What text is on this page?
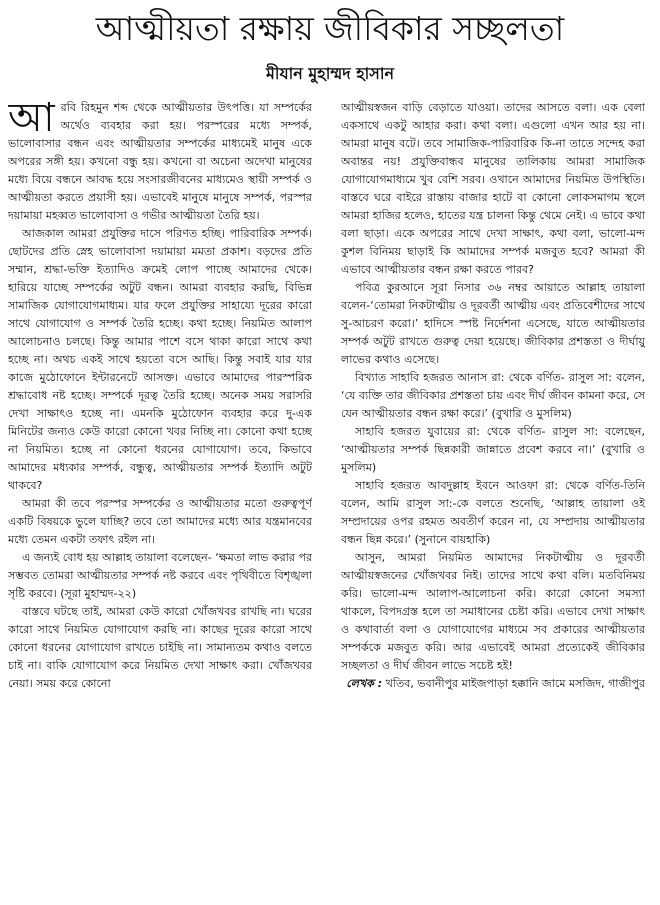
আত্মীয়তা রক্ষায় জীবিকার সচ্ছলতা
মীযান মুহাম্মদ হাসান

আরবি রিহমুন শব্দ থেকে আত্মীয়তার উৎপত্তি। যা সম্পর্কের অর্থেও ব্যবহার করা হয়। পরস্পরের মধ্যে সম্পর্ক, ভালোবাসার বন্ধন এবং আত্মীয়তার সম্পর্কের মাধ্যমেই মানুষ একে অপরের সঙ্গী হয়। কখনো বন্ধু হয়। কখনো বা অচেনা অদেখা মানুষের মধ্যে বিয়ে বন্ধনে আবদ্ধ হয়ে সংসারজীবনের মাধ্যমেও স্থায়ী সম্পর্ক ও আত্মীয়তা করতে প্রয়াসী হয়। এভাবেই মানুষে মানুষে সম্পর্ক, পরস্পর দয়ামায়া মহব্বত ভালোবাসা ও গভীর আত্মীয়তা তৈরি হয়।

আজকাল আমরা প্রযুক্তির দাসে পরিণত হচ্ছি। পারিবারিক সম্পর্ক। ছোটদের প্রতি স্নেহ ভালোবাসা দয়ামায়া মমতা প্রকাশ। বড়দের প্রতি সম্মান, শ্রদ্ধা-ভক্তি ইত্যাদিও ক্রমেই লোপ পাচ্ছে আমাদের থেকে। হারিয়ে যাচ্ছে সম্পর্কের অটুট বন্ধন। আমরা ব্যবহার করছি, বিভিন্ন সামাজিক যোগাযোগমাধ্যম। যার ফলে প্রযুক্তির সাহায্যে দূরের কারো সাথে যোগাযোগ ও সম্পর্ক তৈরি হচ্ছে। কথা হচ্ছে। নিয়মিত আলাপ আলোচনাও চলছে। কিন্তু আমার পাশে বসে থাকা কারো সাথে কথা হচ্ছে না। অথচ একই সাথে হয়তো বসে আছি। কিন্তু সবাই যার যার কাজে মুঠোফোনে ইন্টারনেটে আসক্ত। এভাবে আমাদের পারস্পরিক শ্রদ্ধাবোধ নষ্ট হচ্ছে। সম্পর্কে দূরত্ব তৈরি হচ্ছে। অনেক সময় সরাসরি দেখা সাক্ষাৎও হচ্ছে না। এমনকি মুঠোফোন ব্যবহার করে দু-এক মিনিটের জন্যও কেউ কারো কোনো খবর নিচ্ছি না। কোনো কথা হচ্ছে না নিয়মিত। হচ্ছে না কোনো ধরনের যোগাযোগ। তবে, কিভাবে আমাদের মধ্যকার সম্পর্ক, বন্ধুত্ব, আত্মীয়তার সম্পর্ক ইত্যাদি অটুট থাকবে?

আমরা কী তবে পরস্পর সম্পর্কের ও আত্মীয়তার মতো গুরুত্বপূর্ণ একটি বিষয়কে ভুলে যাচ্ছি? তবে তো আমাদের মধ্যে আর যন্ত্রমানবের মধ্যে তেমন একটা তফাৎ রইল না।

এ জন্যই বোধ হয় আল্লাহ তায়ালা বলেছেন- ‘ক্ষমতা লাভ করার পর সম্ভবত তোমরা আত্মীয়তার সম্পর্ক নষ্ট করবে এবং পৃথিবীতে বিশৃঙ্খলা সৃষ্টি করবে। (সূরা মুহাম্মদ-২২)

বাস্তবে ঘটছে তাই, আমরা কেউ কারো খোঁজখবর রাখছি না। ঘরের কারো সাথে নিয়মিত যোগাযোগ করছি না। কাছের দূরের কারো সাথে কোনো ধরনের যোগাযোগ রাখতে চাইছি না। সামান্যতম কথাও বলতে চাই না। বাকি যোগাযোগ করে নিয়মিত দেখা সাক্ষাৎ করা। খোঁজখবর নেয়া। সময় করে কোনো

আত্মীয়স্বজন বাড়ি বেড়াতে যাওয়া। তাদের আসতে বলা। এক বেলা একসাথে একটু আহার করা। কথা বলা। এগুলো এখন আর হয় না। আমরা মানুষ বটে। তবে সামাজিক-পারিবারিক কি-না তাতে সন্দেহ করা অবান্তর নয়! প্রযুক্তিবান্ধব মানুষের তালিকায় আমরা সামাজিক যোগাযোগমাধ্যমে খুব বেশি সরব। ওখানে আমাদের নিয়মিত উপস্থিতি। বাস্তবে ঘরে বাইরে রাস্তায় বাজার হাটে বা কোনো লোকসমাগম স্থলে আমরা হাজির হলেও, হাতের যন্ত্র চালনা কিন্তু থেমে নেই। এ ভাবে কথা বলা ছাড়া। একে অপরের সাথে দেখা সাক্ষাৎ, কথা বলা, ভালো-মন্দ কুশল বিনিময় ছাড়াই কি আমাদের সম্পর্ক মজবুত হবে? আমরা কী এভাবে আত্মীয়তার বন্ধন রক্ষা করতে পারব?

পবিত্র কুরআনে সূরা নিসার ৩৬ নম্বর আয়াতে আল্লাহ তায়ালা বলেন-‘তোমরা নিকটাত্মীয় ও দূরবর্তী আত্মীয় এবং প্রতিবেশীদের সাথে সু-আচরণ করো।’ হাদিসে স্পষ্ট নির্দেশনা এসেছে, যাতে আত্মীয়তার সম্পর্ক অটুট রাখতে গুরুত্ব দেয়া হয়েছে। জীবিকার প্রশস্ততা ও দীর্ঘায়ু লাভের কথাও এসেছে।

বিখ্যাত সাহাবি হজরত আনাস রা: থেকে বর্ণিত- রাসুল সা: বলেন, ‘যে ব্যক্তি তার জীবিকার প্রশস্ততা চায় এবং দীর্ঘ জীবন কামনা করে, সে যেন আত্মীয়তার বন্ধন রক্ষা করে।’ (বুখারি ও মুসলিম)

সাহাবি হজরত যুবায়ের রা: থেকে বর্ণিত- রাসুল সা: বলেছেন, ‘আত্মীয়তার সম্পর্ক ছিন্নকারী জান্নাতে প্রবেশ করবে না।’ (বুখারি ও মুসলিম)

সাহাবি হজরত আবদুল্লাহ ইবনে আওফা রা: থেকে বর্ণিত-তিনি বলেন, আমি রাসুল সা:-কে বলতে শুনেছি, ‘আল্লাহ তায়ালা ওই সম্প্রদায়ের ওপর রহমত অবতীর্ণ করেন না, যে সম্প্রদায় আত্মীয়তার বন্ধন ছিন্ন করে।’ (সুনানে বায়হাকি)

আসুন, আমরা নিয়মিত আমাদের নিকটাত্মীয় ও দূরবর্তী আত্মীয়স্বজনের খোঁজখবর নিই। তাদের সাথে কথা বলি। মতবিনিময় করি। ভালো-মন্দ আলাপ-আলোচনা করি। কারো কোনো সমস্যা থাকলে, বিপদগ্রস্ত হলে তা সমাধানের চেষ্টা করি। এভাবে দেখা সাক্ষাৎ ও কথাবার্তা বলা ও যোগাযোগের মাধ্যমে সব প্রকারের আত্মীয়তার সম্পর্ককে মজবুত করি। আর এভাবেই আমরা প্রত্যেকেই জীবিকার সচ্ছলতা ও দীর্ঘ জীবন লাভে সচেষ্ট হই!

লেখক : খতিব, ভবানীপুর মাইজপাড়া হক্কানি জামে মসজিদ, গাজীপুর
